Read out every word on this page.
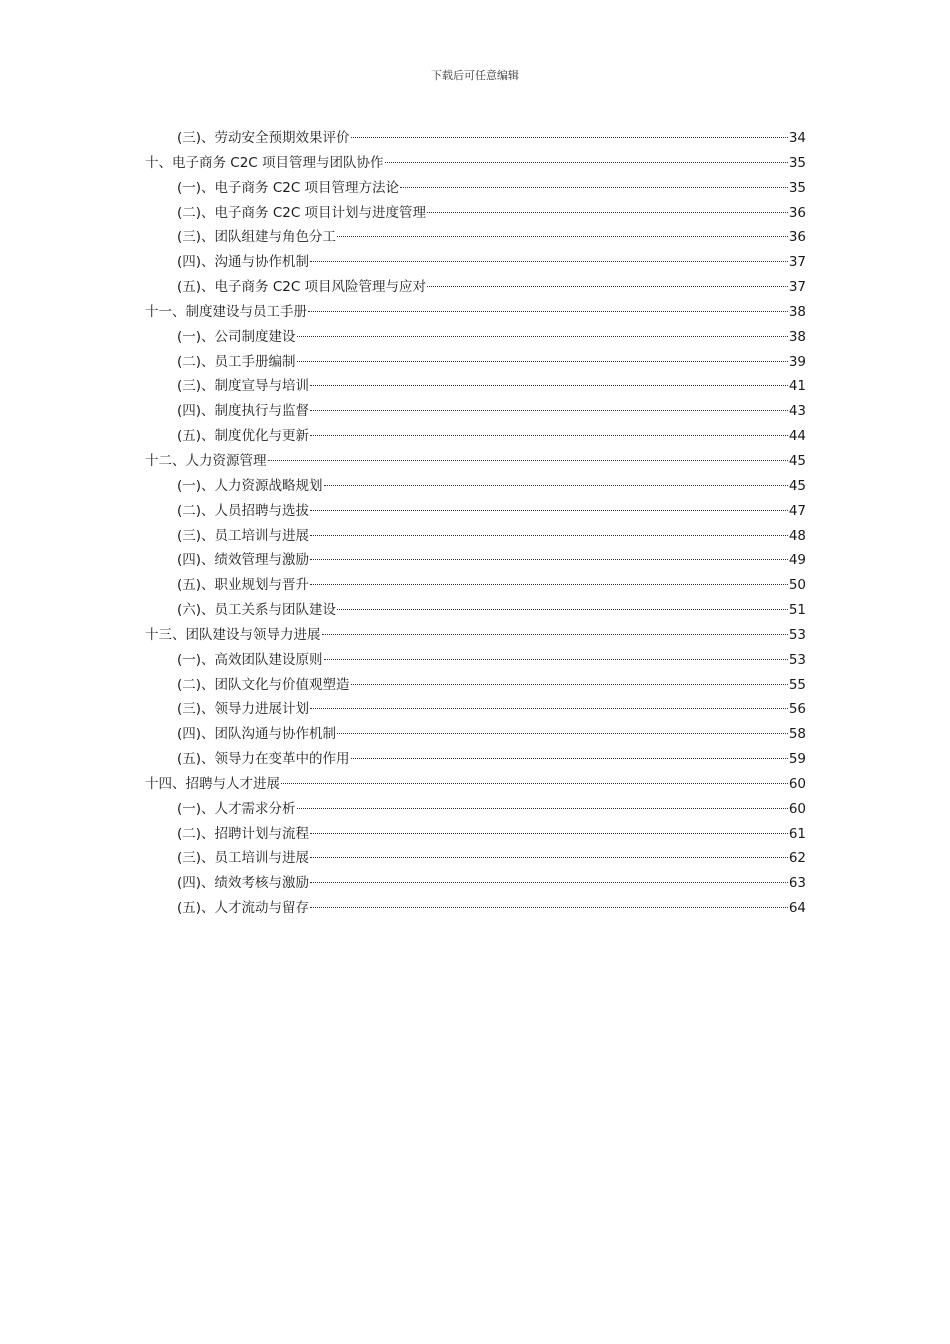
下载后可任意编辑
(三)、劳动安全预期效果评价	34
十、电子商务 C2C 项目管理与团队协作	35
(一)、电子商务 C2C 项目管理方法论	35
(二)、电子商务 C2C 项目计划与进度管理	36
(三)、团队组建与角色分工	36
(四)、沟通与协作机制	37
(五)、电子商务 C2C 项目风险管理与应对	37
十一、制度建设与员工手册	38
(一)、公司制度建设	38
(二)、员工手册编制	39
(三)、制度宣导与培训	41
(四)、制度执行与监督	43
(五)、制度优化与更新	44
十二、人力资源管理	45
(一)、人力资源战略规划	45
(二)、人员招聘与选拔	47
(三)、员工培训与进展	48
(四)、绩效管理与激励	49
(五)、职业规划与晋升	50
(六)、员工关系与团队建设	51
十三、团队建设与领导力进展	53
(一)、高效团队建设原则	53
(二)、团队文化与价值观塑造	55
(三)、领导力进展计划	56
(四)、团队沟通与协作机制	58
(五)、领导力在变革中的作用	59
十四、招聘与人才进展	60
(一)、人才需求分析	60
(二)、招聘计划与流程	61
(三)、员工培训与进展	62
(四)、绩效考核与激励	63
(五)、人才流动与留存	64
